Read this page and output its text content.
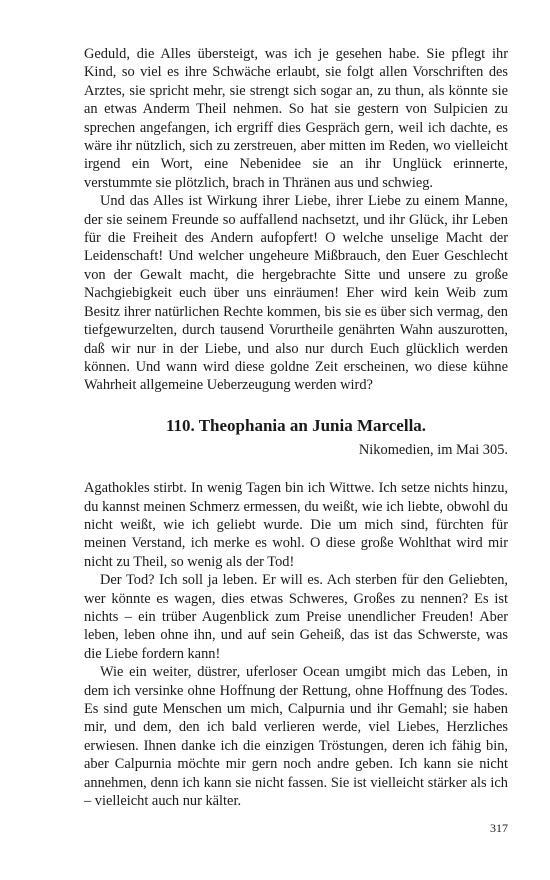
Geduld, die Alles übersteigt, was ich je gesehen habe. Sie pflegt ihr Kind, so viel es ihre Schwäche erlaubt, sie folgt allen Vorschriften des Arztes, sie spricht mehr, sie strengt sich sogar an, zu thun, als könnte sie an etwas Anderm Theil nehmen. So hat sie gestern von Sulpicien zu sprechen angefangen, ich ergriff dies Gespräch gern, weil ich dachte, es wäre ihr nützlich, sich zu zerstreuen, aber mitten im Reden, wo vielleicht irgend ein Wort, eine Nebenidee sie an ihr Unglück erinnerte, verstummte sie plötzlich, brach in Thränen aus und schwieg.

Und das Alles ist Wirkung ihrer Liebe, ihrer Liebe zu einem Manne, der sie seinem Freunde so auffallend nachsetzt, und ihr Glück, ihr Leben für die Freiheit des Andern aufopfert! O welche unselige Macht der Leidenschaft! Und welcher ungeheure Mißbrauch, den Euer Geschlecht von der Gewalt macht, die hergebrachte Sitte und unsere zu große Nachgiebigkeit euch über uns einräumen! Eher wird kein Weib zum Besitz ihrer natürlichen Rechte kommen, bis sie es über sich vermag, den tiefgewurzelten, durch tausend Vorurtheile genährten Wahn auszurotten, daß wir nur in der Liebe, und also nur durch Euch glücklich werden können. Und wann wird diese goldne Zeit erscheinen, wo diese kühne Wahrheit allgemeine Ueberzeugung werden wird?

110. Theophania an Junia Marcella.

Nikomedien, im Mai 305.

Agathokles stirbt. In wenig Tagen bin ich Wittwe. Ich setze nichts hinzu, du kannst meinen Schmerz ermessen, du weißt, wie ich liebte, obwohl du nicht weißt, wie ich geliebt wurde. Die um mich sind, fürchten für meinen Verstand, ich merke es wohl. O diese große Wohlthat wird mir nicht zu Theil, so wenig als der Tod!

Der Tod? Ich soll ja leben. Er will es. Ach sterben für den Geliebten, wer könnte es wagen, dies etwas Schweres, Großes zu nennen? Es ist nichts – ein trüber Augenblick zum Preise unendlicher Freuden! Aber leben, leben ohne ihn, und auf sein Geheiß, das ist das Schwerste, was die Liebe fordern kann!

Wie ein weiter, düstrer, uferloser Ocean umgibt mich das Leben, in dem ich versinke ohne Hoffnung der Rettung, ohne Hoffnung des Todes. Es sind gute Menschen um mich, Calpurnia und ihr Gemahl; sie haben mir, und dem, den ich bald verlieren werde, viel Liebes, Herzliches erwiesen. Ihnen danke ich die einzigen Tröstungen, deren ich fähig bin, aber Calpurnia möchte mir gern noch andre geben. Ich kann sie nicht annehmen, denn ich kann sie nicht fassen. Sie ist vielleicht stärker als ich – vielleicht auch nur kälter.

317
